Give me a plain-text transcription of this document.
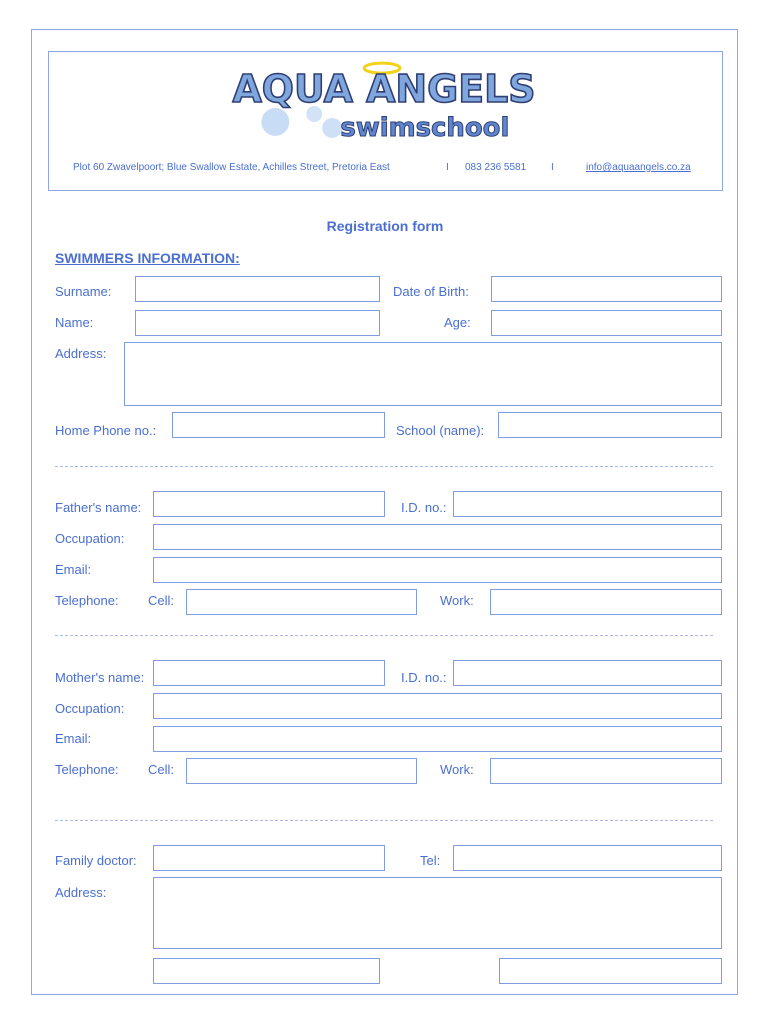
AQUA ANGELS
swimschool
Plot 60 Zwavelpoort; Blue Swallow Estate, Achilles Street, Pretoria East	I 083 236 5581 I	info@aquaangels.co.za
Registration form
SWIMMERS INFORMATION:
Surname:	Date of Birth:
Name:	Age:
Address:
Home Phone no.:	School (name):
Father's name:	I.D. no.:
Occupation:
Email:
Telephone: Cell:	Work:
Mother's name:	I.D. no.:
Occupation:
Email:
Telephone: Cell:	Work:
Family doctor:	Tel:
Address:
